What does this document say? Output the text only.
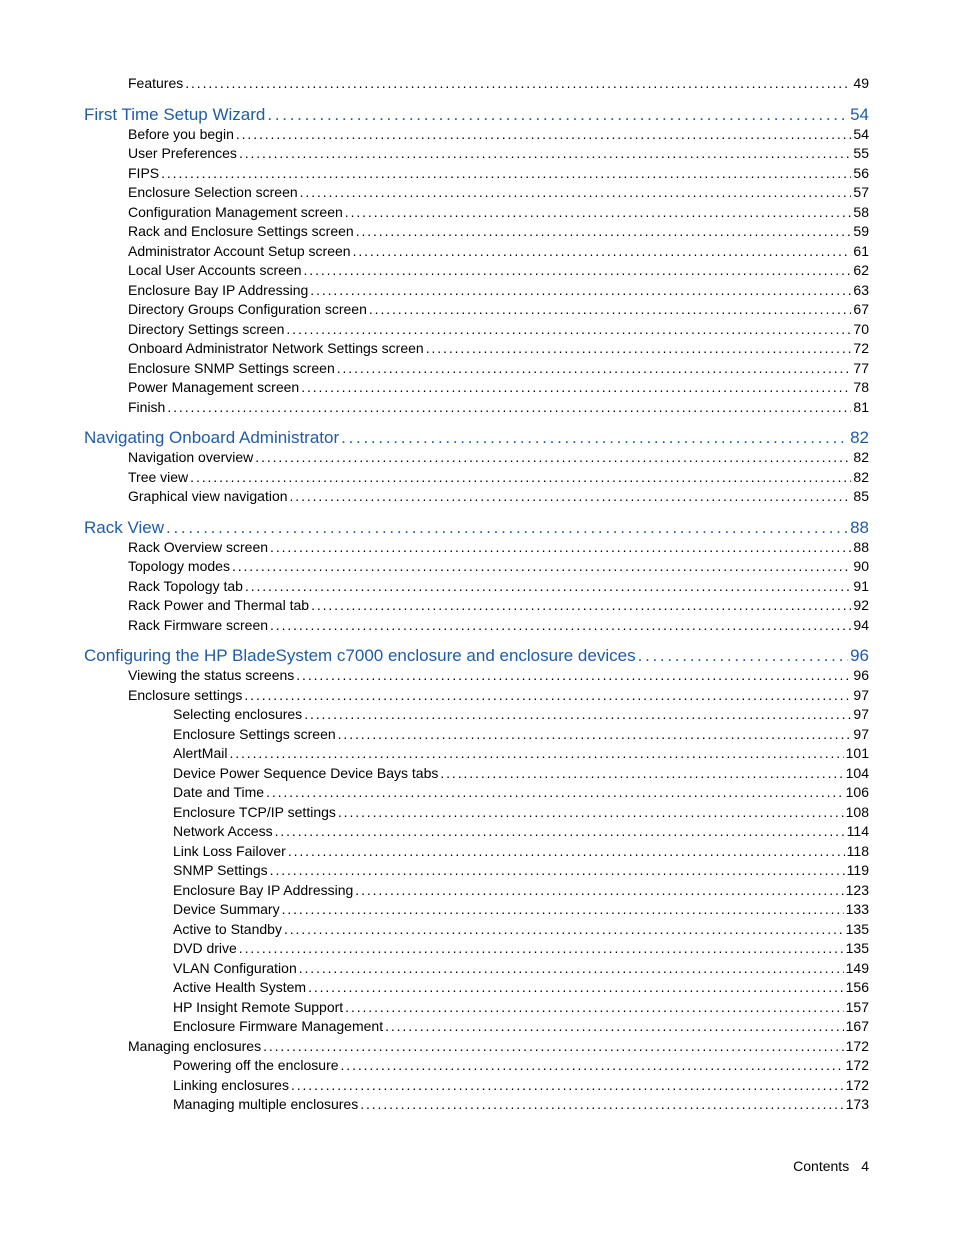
Features . . .	49
First Time Setup Wizard . . .	54
Before you begin . . .	54
User Preferences . . .	55
FIPS . . .	56
Enclosure Selection screen . . .	57
Configuration Management screen . . .	58
Rack and Enclosure Settings screen . . .	59
Administrator Account Setup screen . . .	61
Local User Accounts screen . . .	62
Enclosure Bay IP Addressing . . .	63
Directory Groups Configuration screen . . .	67
Directory Settings screen . . .	70
Onboard Administrator Network Settings screen . . .	72
Enclosure SNMP Settings screen . . .	77
Power Management screen . . .	78
Finish . . .	81
Navigating Onboard Administrator . . .	82
Navigation overview . . .	82
Tree view . . .	82
Graphical view navigation . . .	85
Rack View . . .	88
Rack Overview screen . . .	88
Topology modes . . .	90
Rack Topology tab . . .	91
Rack Power and Thermal tab . . .	92
Rack Firmware screen . . .	94
Configuring the HP BladeSystem c7000 enclosure and enclosure devices . . .	96
Viewing the status screens . . .	96
Enclosure settings . . .	97
Selecting enclosures . . .	97
Enclosure Settings screen . . .	97
AlertMail . . .	101
Device Power Sequence Device Bays tabs . . .	104
Date and Time . . .	106
Enclosure TCP/IP settings . . .	108
Network Access . . .	114
Link Loss Failover . . .	118
SNMP Settings . . .	119
Enclosure Bay IP Addressing . . .	123
Device Summary . . .	133
Active to Standby . . .	135
DVD drive . . .	135
VLAN Configuration . . .	149
Active Health System . . .	156
HP Insight Remote Support . . .	157
Enclosure Firmware Management . . .	167
Managing enclosures . . .	172
Powering off the enclosure . . .	172
Linking enclosures . . .	172
Managing multiple enclosures . . .	173
Contents 4
